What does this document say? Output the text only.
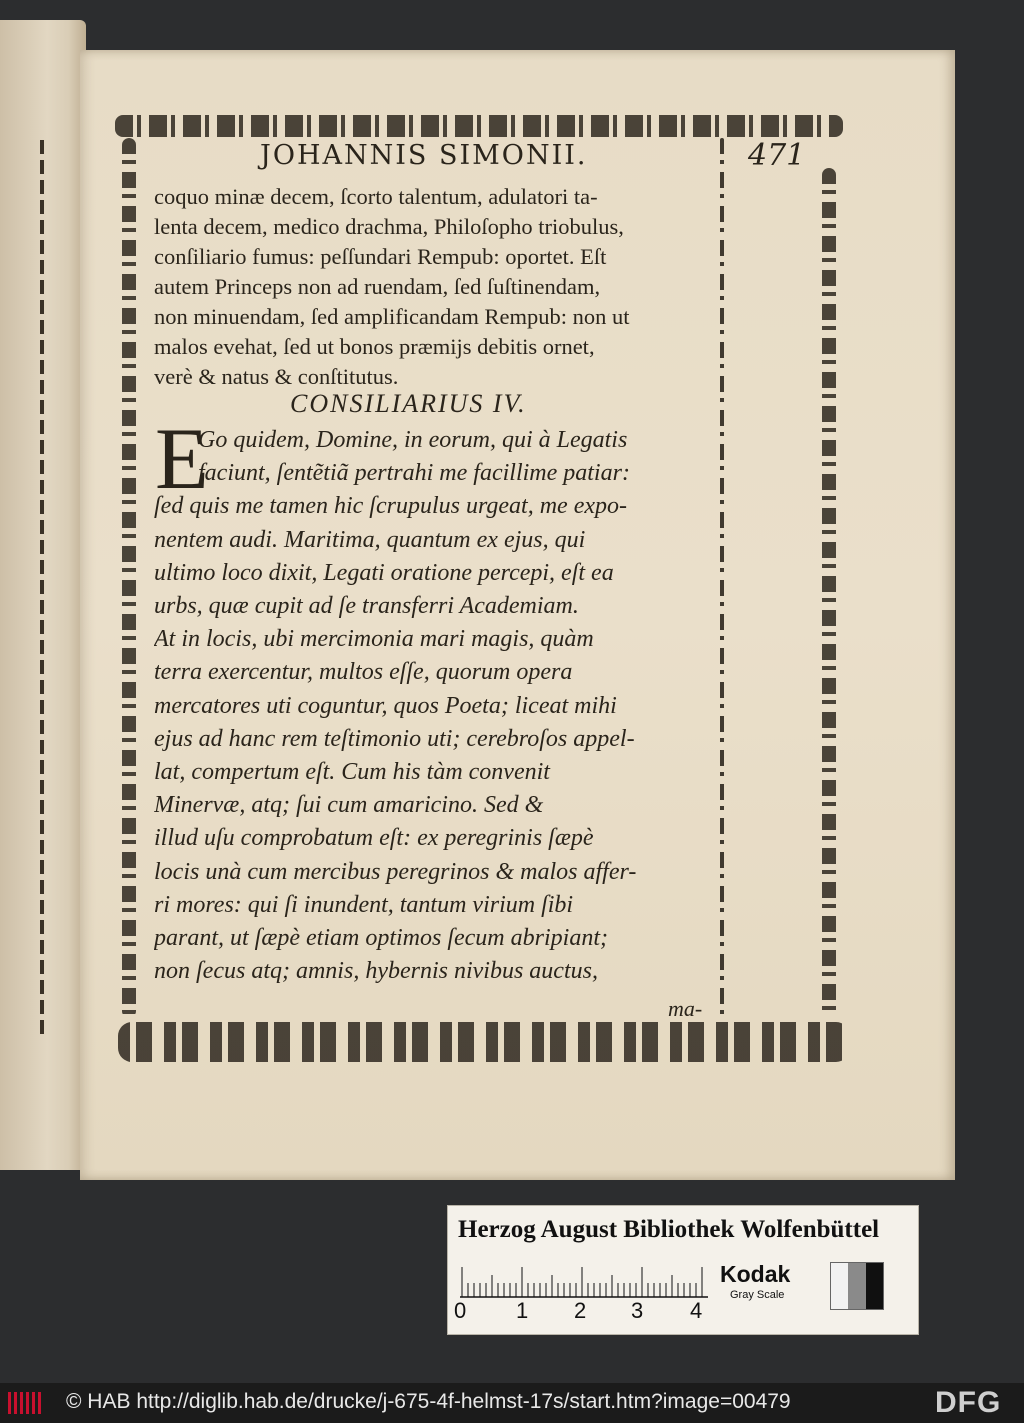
JOHANNIS SIMONII.	471
coquo minæ decem, ſcorto talentum, adulatori ta-
lenta decem, medico drachma, Philoſopho triobulus,
conſiliario fumus: peſſundari Rempub: oportet. Eſt
autem Princeps non ad ruendam, ſed ſuſtinendam,
non minuendam, ſed amplificandam Rempub: non ut
malos evehat, ſed ut bonos præmijs debitis ornet,
verè & natus & conſtitutus.
CONSILIARIUS IV.
E
Go quidem, Domine, in eorum, qui à Legatis
faciunt, ſentẽtiã pertrahi me facillime patiar:
ſed quis me tamen hic ſcrupulus urgeat, me expo-
nentem audi. Maritima, quantum ex ejus, qui
ultimo loco dixit, Legati oratione percepi, eſt ea
urbs, quæ cupit ad ſe transferri Academiam.
At in locis, ubi mercimonia mari magis, quàm
terra exercentur, multos eſſe, quorum opera
mercatores uti coguntur, quos Poeta; liceat mihi
ejus ad hanc rem teſtimonio uti; cerebroſos appel-
lat, compertum eſt. Cum his tàm convenit
Minervæ, atq; ſui cum amaricino. Sed &
illud uſu comprobatum eſt: ex peregrinis ſæpè
locis unà cum mercibus peregrinos & malos affer-
ri mores: qui ſi inundent, tantum virium ſibi
parant, ut ſæpè etiam optimos ſecum abripiant;
non ſecus atq; amnis, hybernis nivibus auctus,
ma-
Herzog August Bibliothek Wolfenbüttel
0 1 2 3 4
Kodak
Gray Scale
© HAB http://diglib.hab.de/drucke/j-675-4f-helmst-17s/start.htm?image=00479	DFG
